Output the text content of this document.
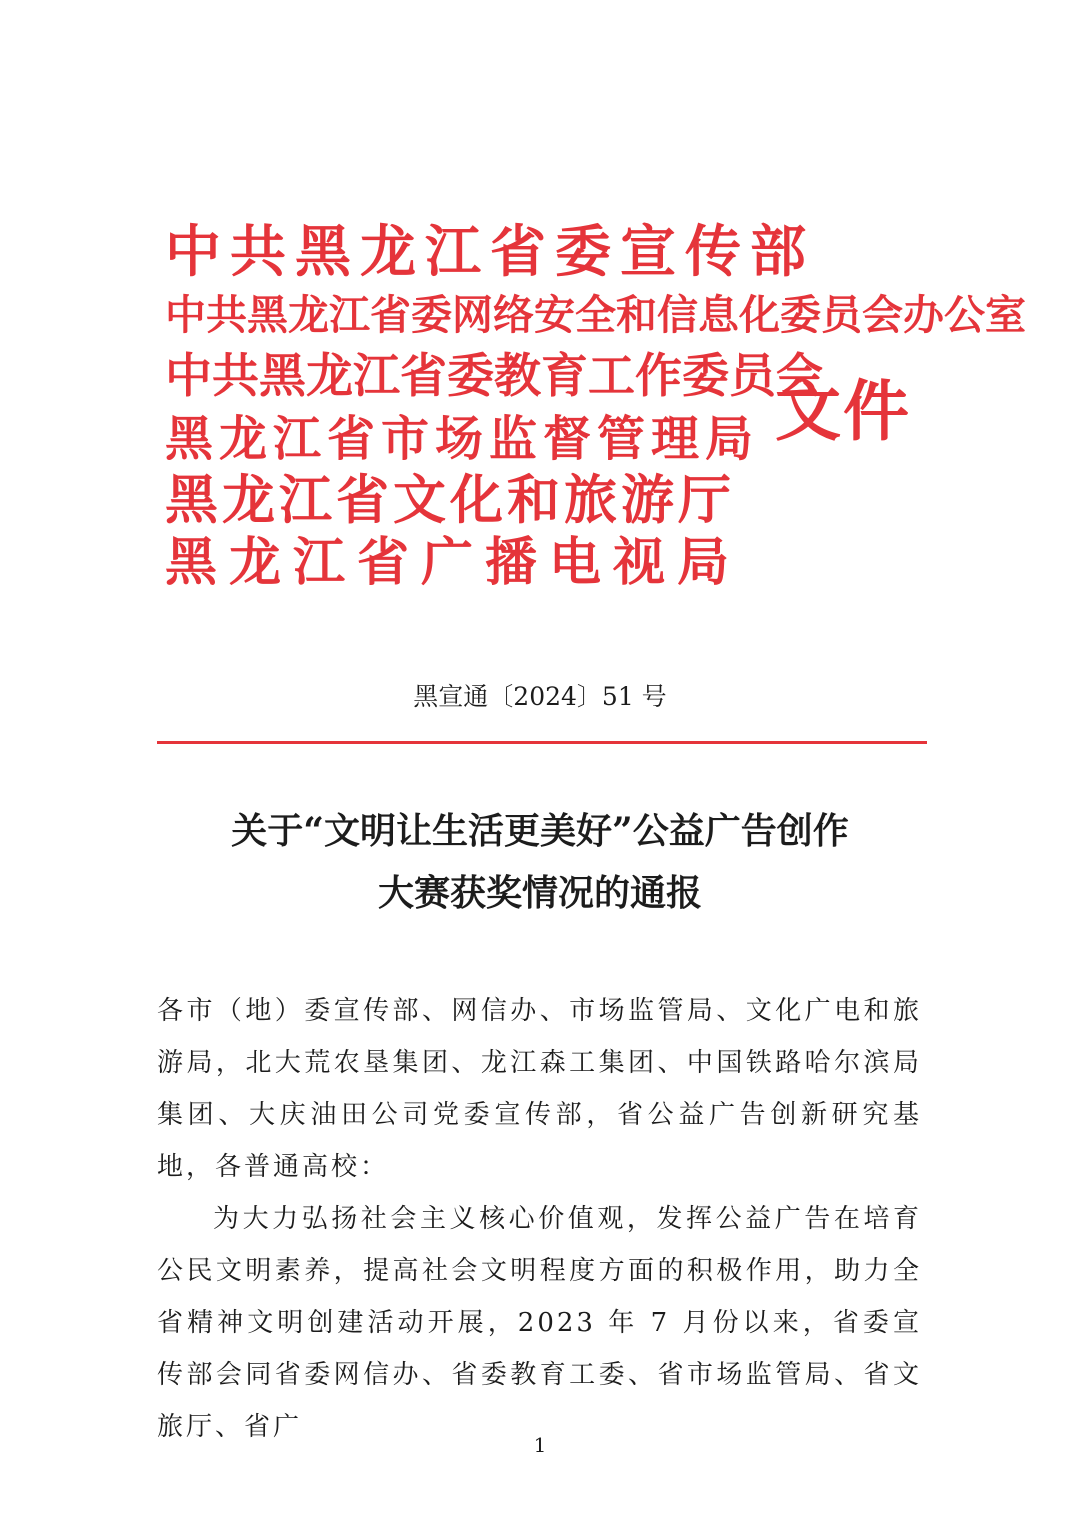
中共黑龙江省委宣传部
中共黑龙江省委网络安全和信息化委员会办公室
中共黑龙江省委教育工作委员会
黑龙江省市场监督管理局
黑龙江省文化和旅游厅
黑龙江省广播电视局
文件
黑宣通〔2024〕51 号
关于“文明让生活更美好”公益广告创作
大赛获奖情况的通报

各市（地）委宣传部、网信办、市场监管局、文化广电和旅游局，北大荒农垦集团、龙江森工集团、中国铁路哈尔滨局集团、大庆油田公司党委宣传部，省公益广告创新研究基地，各普通高校：

为大力弘扬社会主义核心价值观，发挥公益广告在培育公民文明素养，提高社会文明程度方面的积极作用，助力全省精神文明创建活动开展，2023 年 7 月份以来，省委宣传部会同省委网信办、省委教育工委、省市场监管局、省文旅厅、省广

1
